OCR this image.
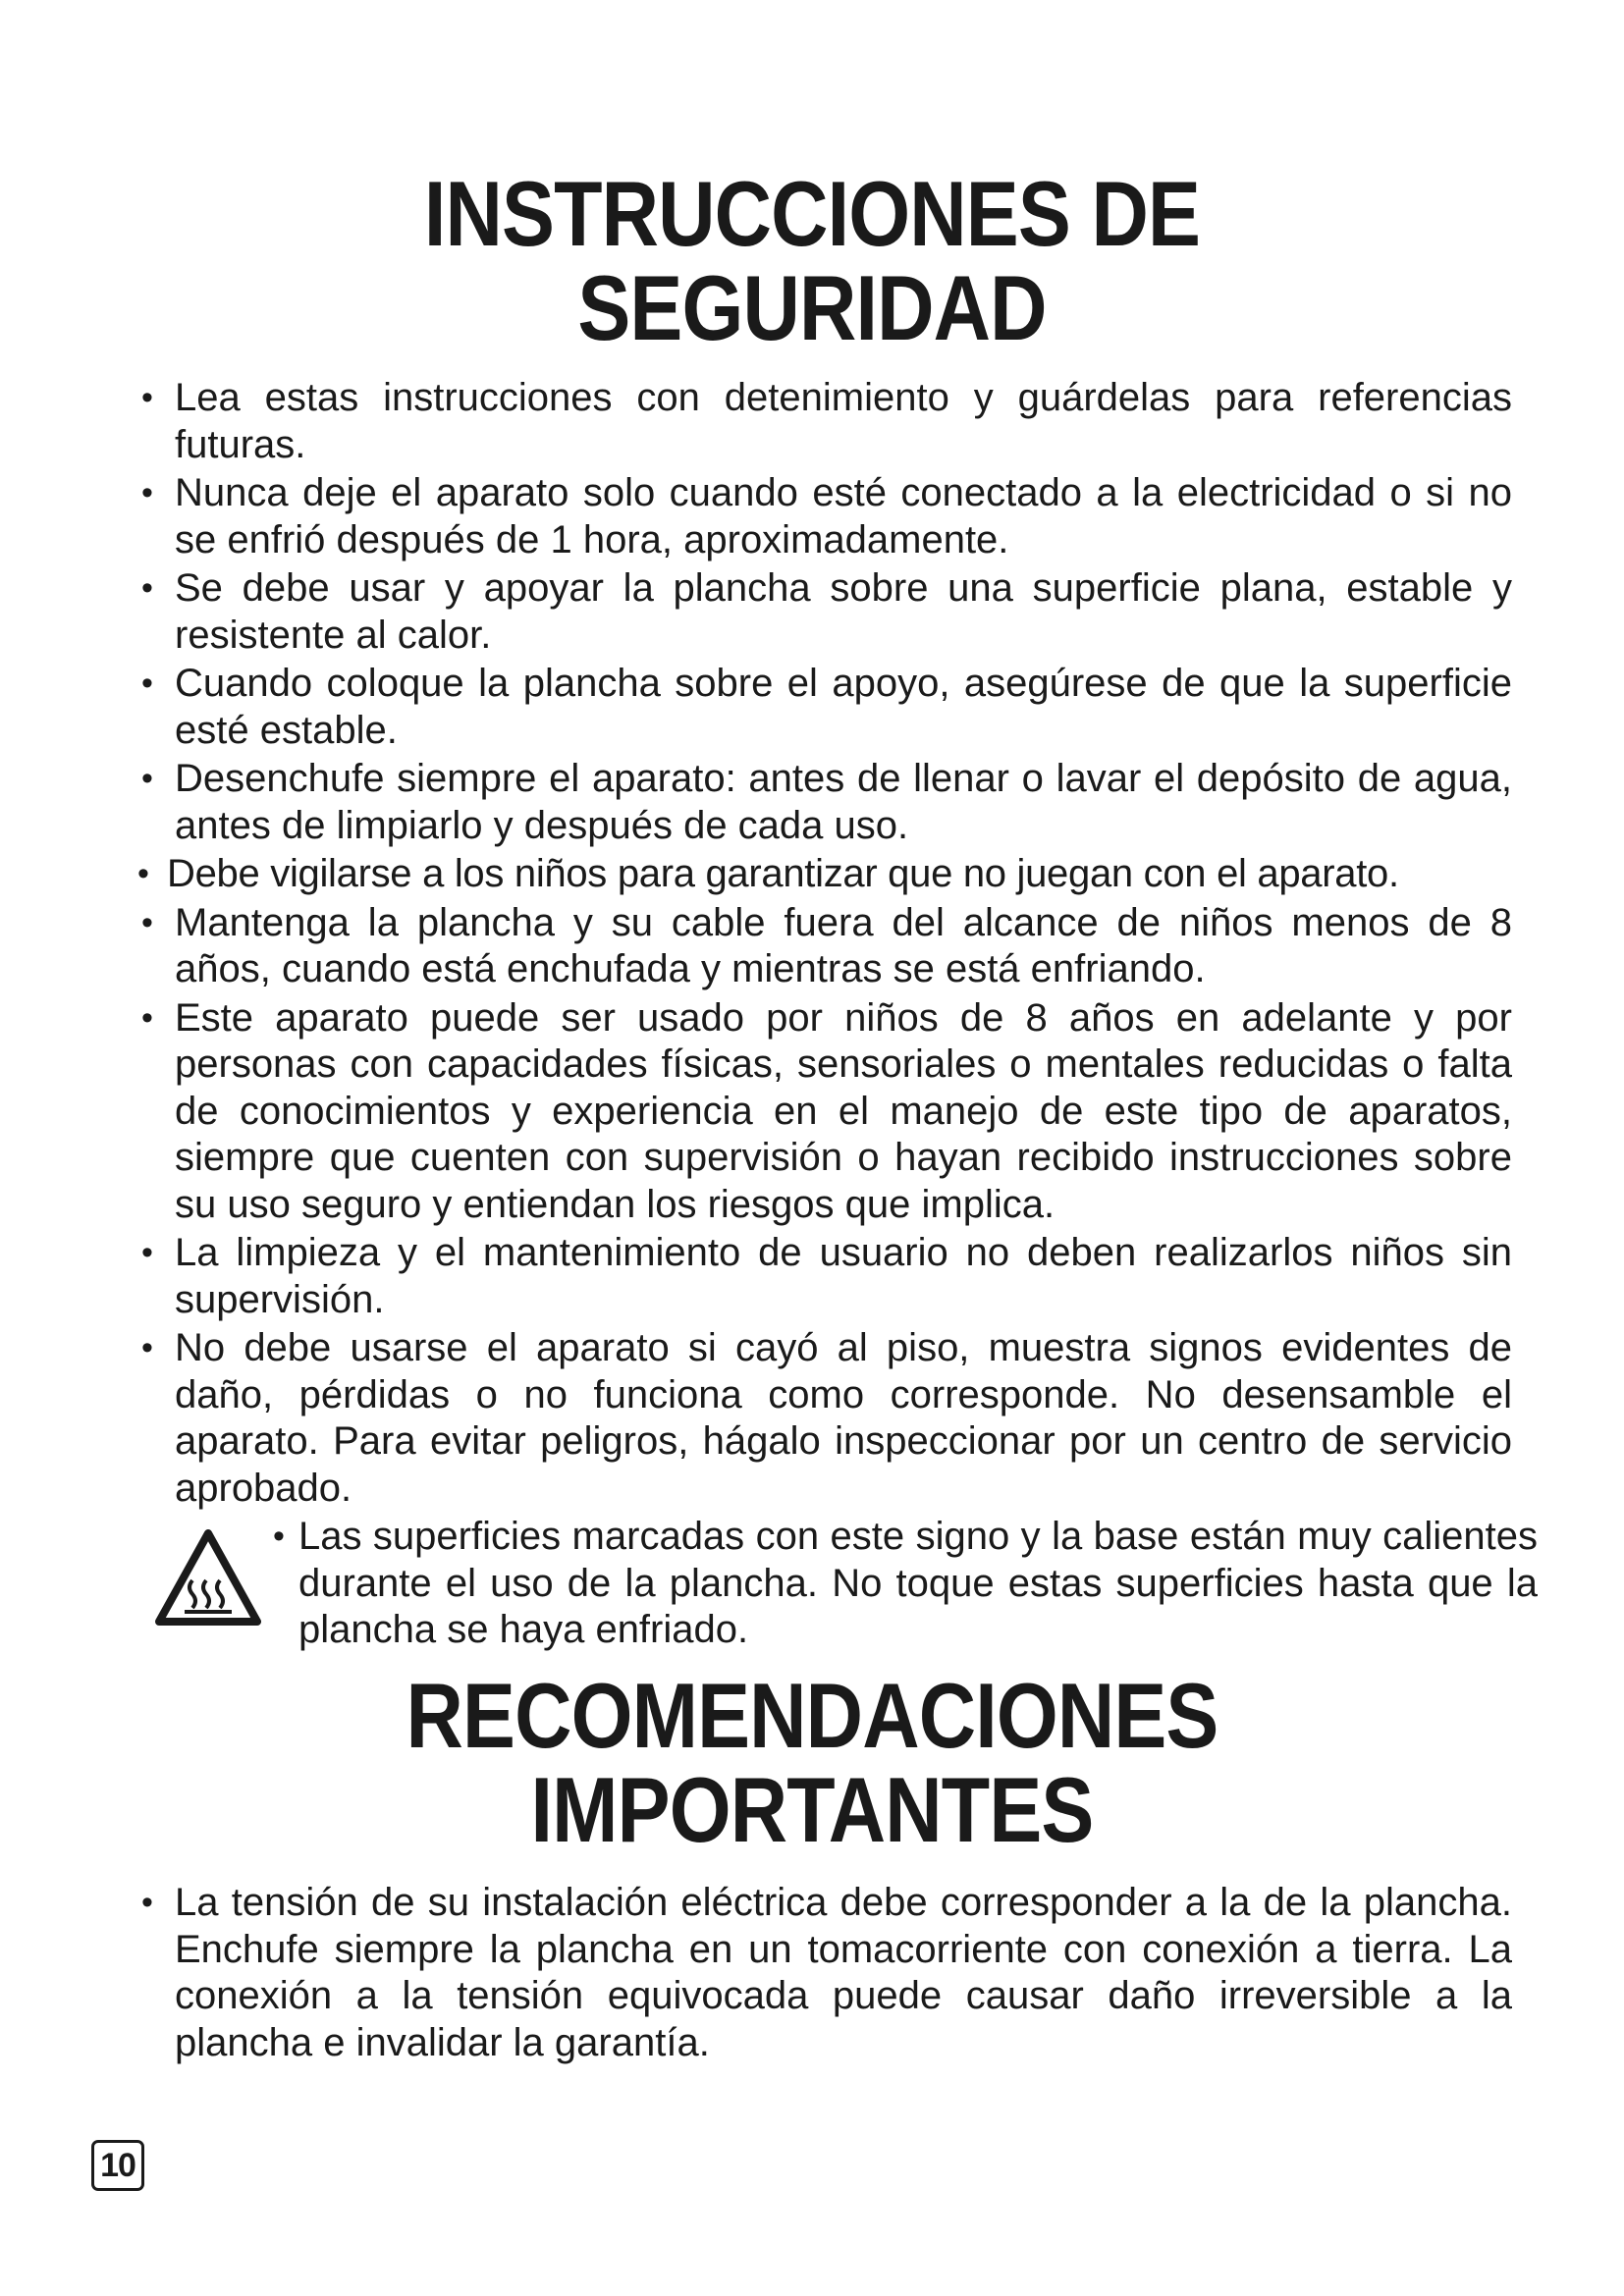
INSTRUCCIONES DE
SEGURIDAD
• Lea estas instrucciones con detenimiento y guárdelas para referencias futuras.
• Nunca deje el aparato solo cuando esté conectado a la electricidad o si no se enfrió después de 1 hora, aproximadamente.
• Se debe usar y apoyar la plancha sobre una superficie plana, estable y resistente al calor.
• Cuando coloque la plancha sobre el apoyo, asegúrese de que la superficie esté estable.
• Desenchufe siempre el aparato: antes de llenar o lavar el depósito de agua, antes de limpiarlo y después de cada uso.
• Debe vigilarse a los niños para garantizar que no juegan con el aparato.
• Mantenga la plancha y su cable fuera del alcance de niños menos de 8 años, cuando está enchufada y mientras se está enfriando.
• Este aparato puede ser usado por niños de 8 años en adelante y por personas con capacidades físicas, sensoriales o mentales reducidas o falta de conocimientos y experiencia en el manejo de este tipo de aparatos, siempre que cuenten con supervisión o hayan recibido instrucciones sobre su uso seguro y entiendan los riesgos que implica.
• La limpieza y el mantenimiento de usuario no deben realizarlos niños sin supervisión.
• No debe usarse el aparato si cayó al piso, muestra signos evidentes de daño, pérdidas o no funciona como corresponde. No desensamble el aparato. Para evitar peligros, hágalo inspeccionar por un centro de servicio aprobado.
• Las superficies marcadas con este signo y la base están muy calientes durante el uso de la plancha. No toque estas superficies hasta que la plancha se haya enfriado.
RECOMENDACIONES
IMPORTANTES
• La tensión de su instalación eléctrica debe corresponder a la de la plancha. Enchufe siempre la plancha en un tomacorriente con conexión a tierra. La conexión a la tensión equivocada puede causar daño irreversible a la plancha e invalidar la garantía.
10
